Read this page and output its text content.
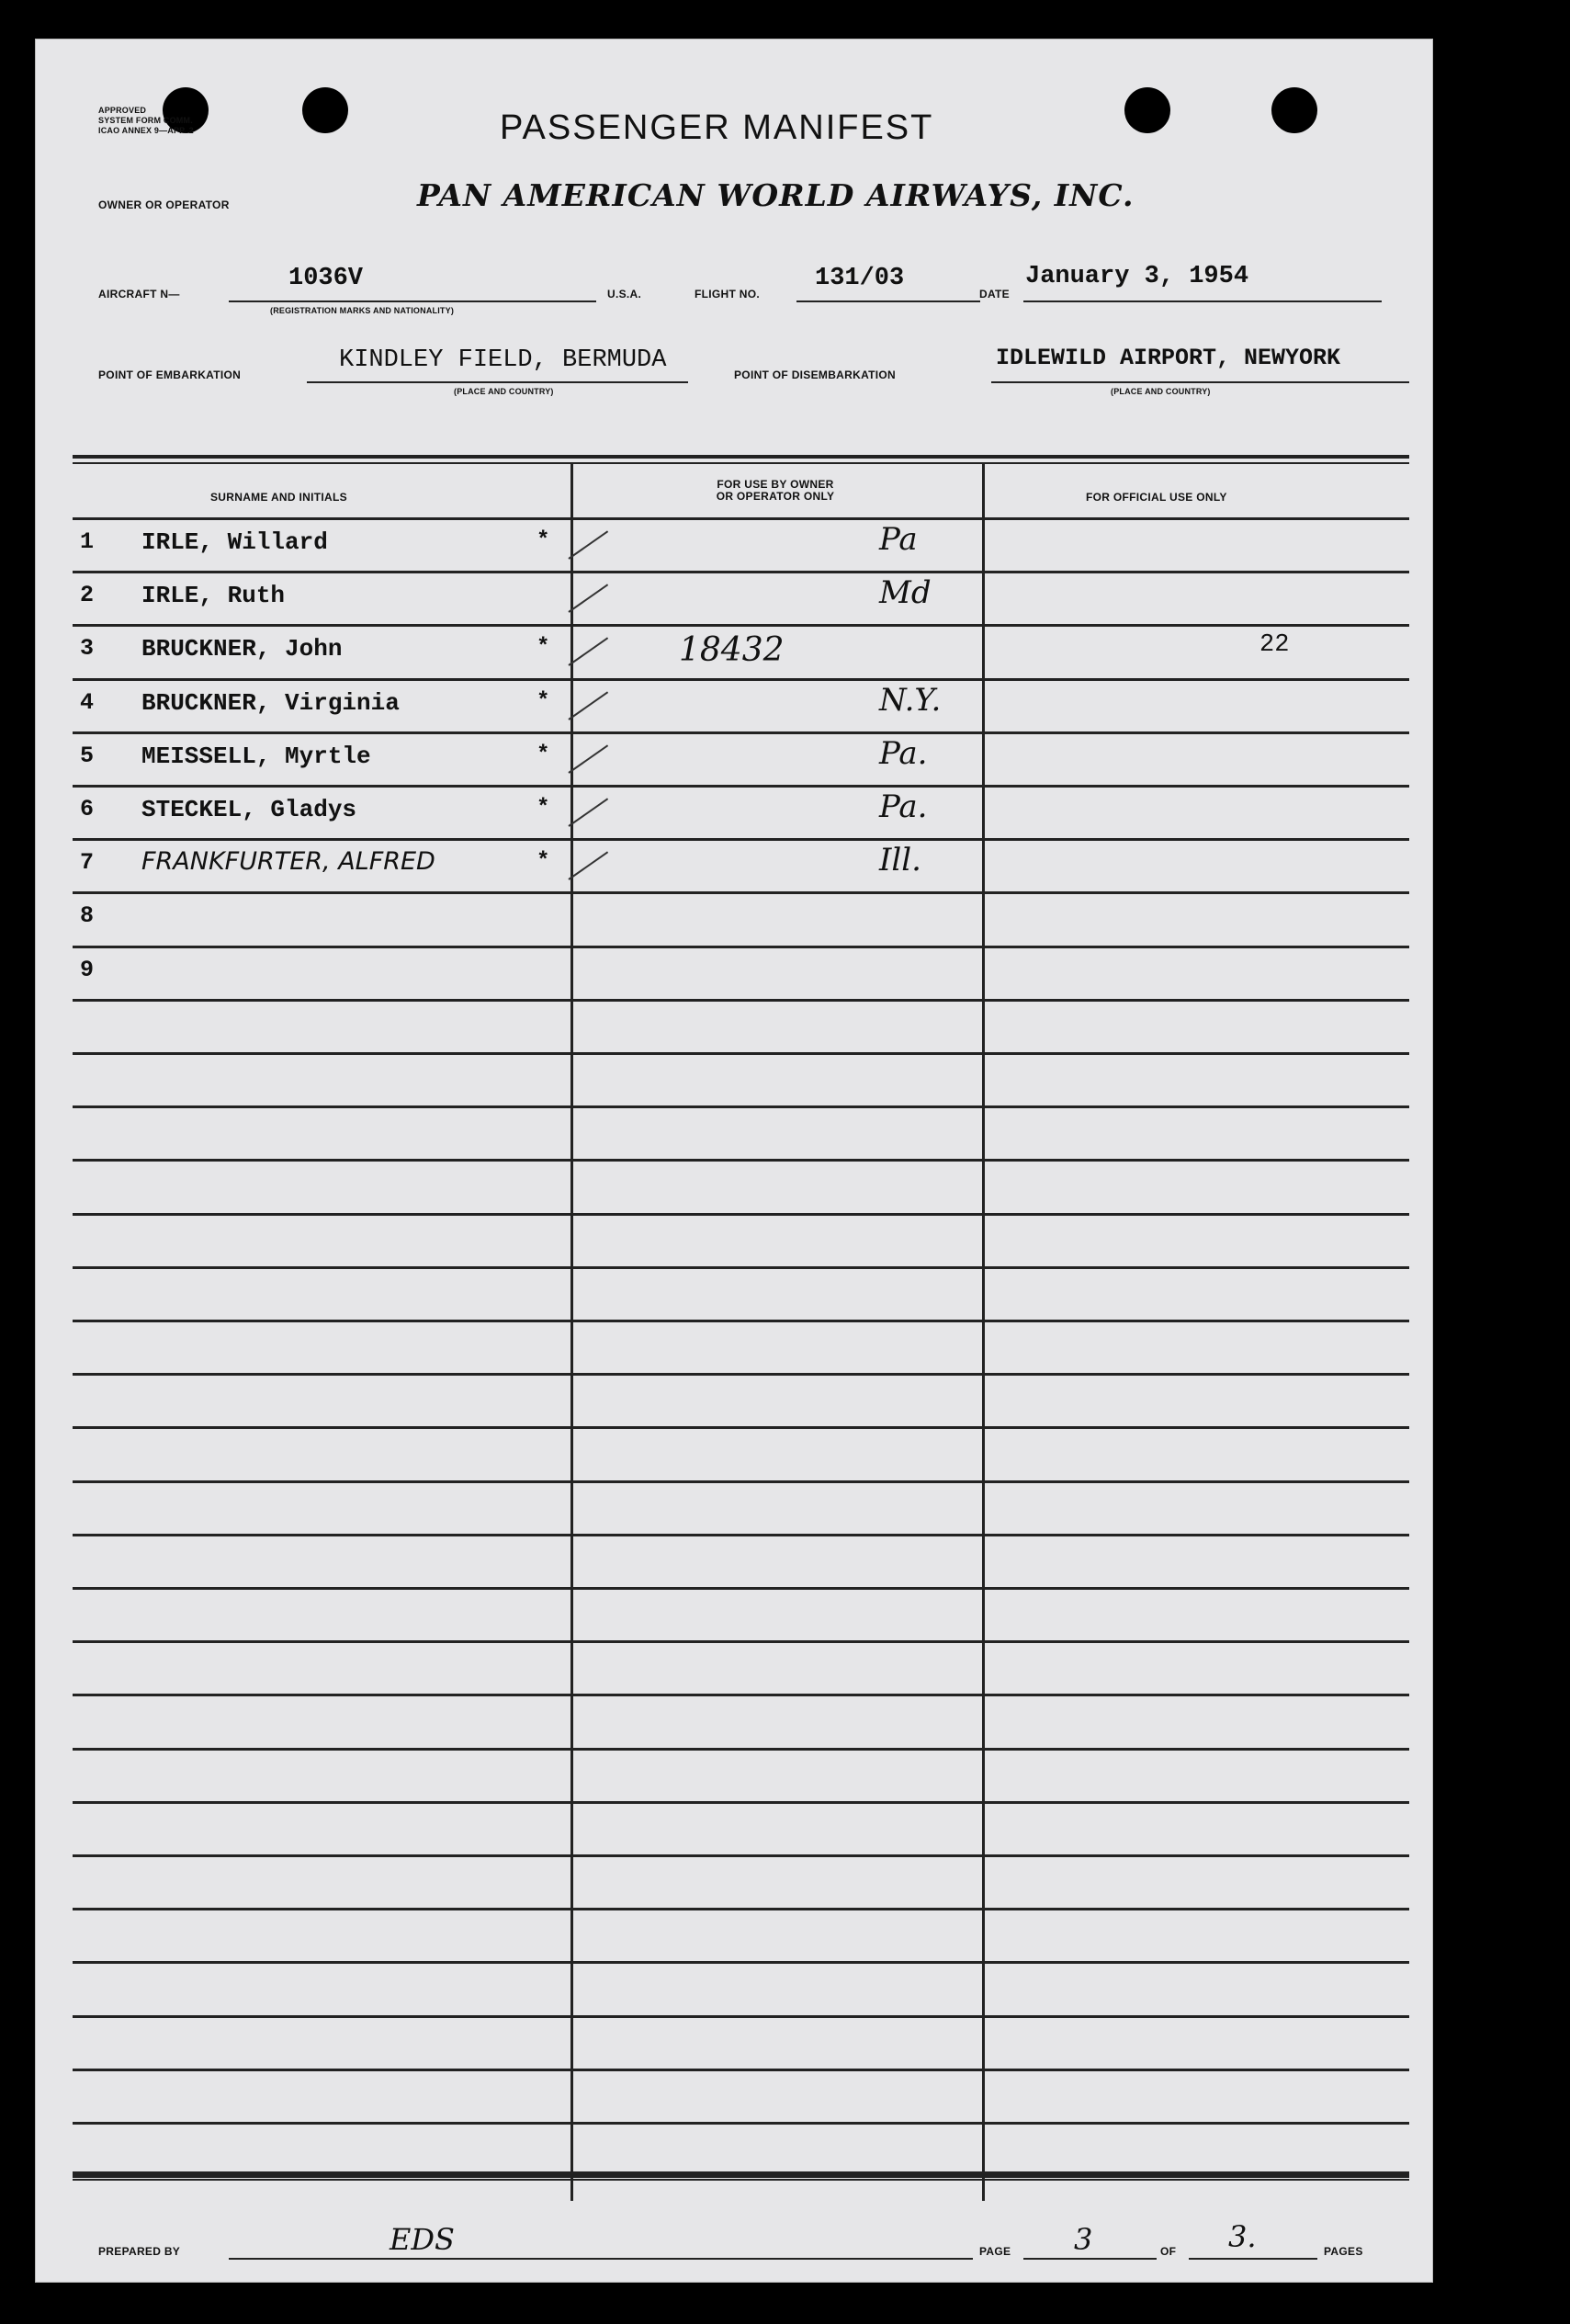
APPROVED
SYSTEM FORM COMM.
ICAO ANNEX 9—APP. 2	PASSENGER MANIFEST
OWNER OR OPERATOR	PAN AMERICAN WORLD AIRWAYS, INC.
AIRCRAFT N—
1036V
(REGISTRATION MARKS AND NATIONALITY)
U.S.A.	FLIGHT NO.
131/03
DATE
January 3, 1954
POINT OF EMBARKATION
KINDLEY FIELD, BERMUDA
(PLACE AND COUNTRY)
POINT OF DISEMBARKATION
IDLEWILD AIRPORT, NEWYORK
(PLACE AND COUNTRY)
SURNAME AND INITIALS
FOR USE BY OWNER
OR OPERATOR ONLY	FOR OFFICIAL USE ONLY
1 IRLE, Willard	*	Pa
2 IRLE, Ruth	Md
3 BRUCKNER, John	*	18432	22
4 BRUCKNER, Virginia	*	N.Y.
5 MEISSELL, Myrtle	*	Pa.
6 STECKEL, Gladys	*	Pa.
7 FRANKFURTER, ALFRED	*	Ill.
8
9
PREPARED BY	EDS	PAGE 3	OF 3.	PAGES
